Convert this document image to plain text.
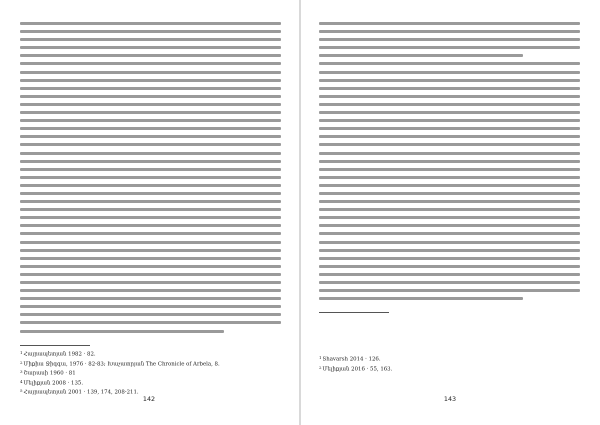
$^1$Հայրապետյան 1982 · 82.
$^2$Միքիա Ջիգգա, 1976 · 82-83; Խաչատրյան The Chronicle of Arbela, 8.
$^3$Շարասի 1960 · 81
$^4$Մելիքյան 2008 · 135.
$^5$Հայրապետյան 2001 · 139, 174, 208-211.
142

$^1$Shavarsh 2014 · 126.
$^2$Մելիքյան 2016 · 55, 163.
143
